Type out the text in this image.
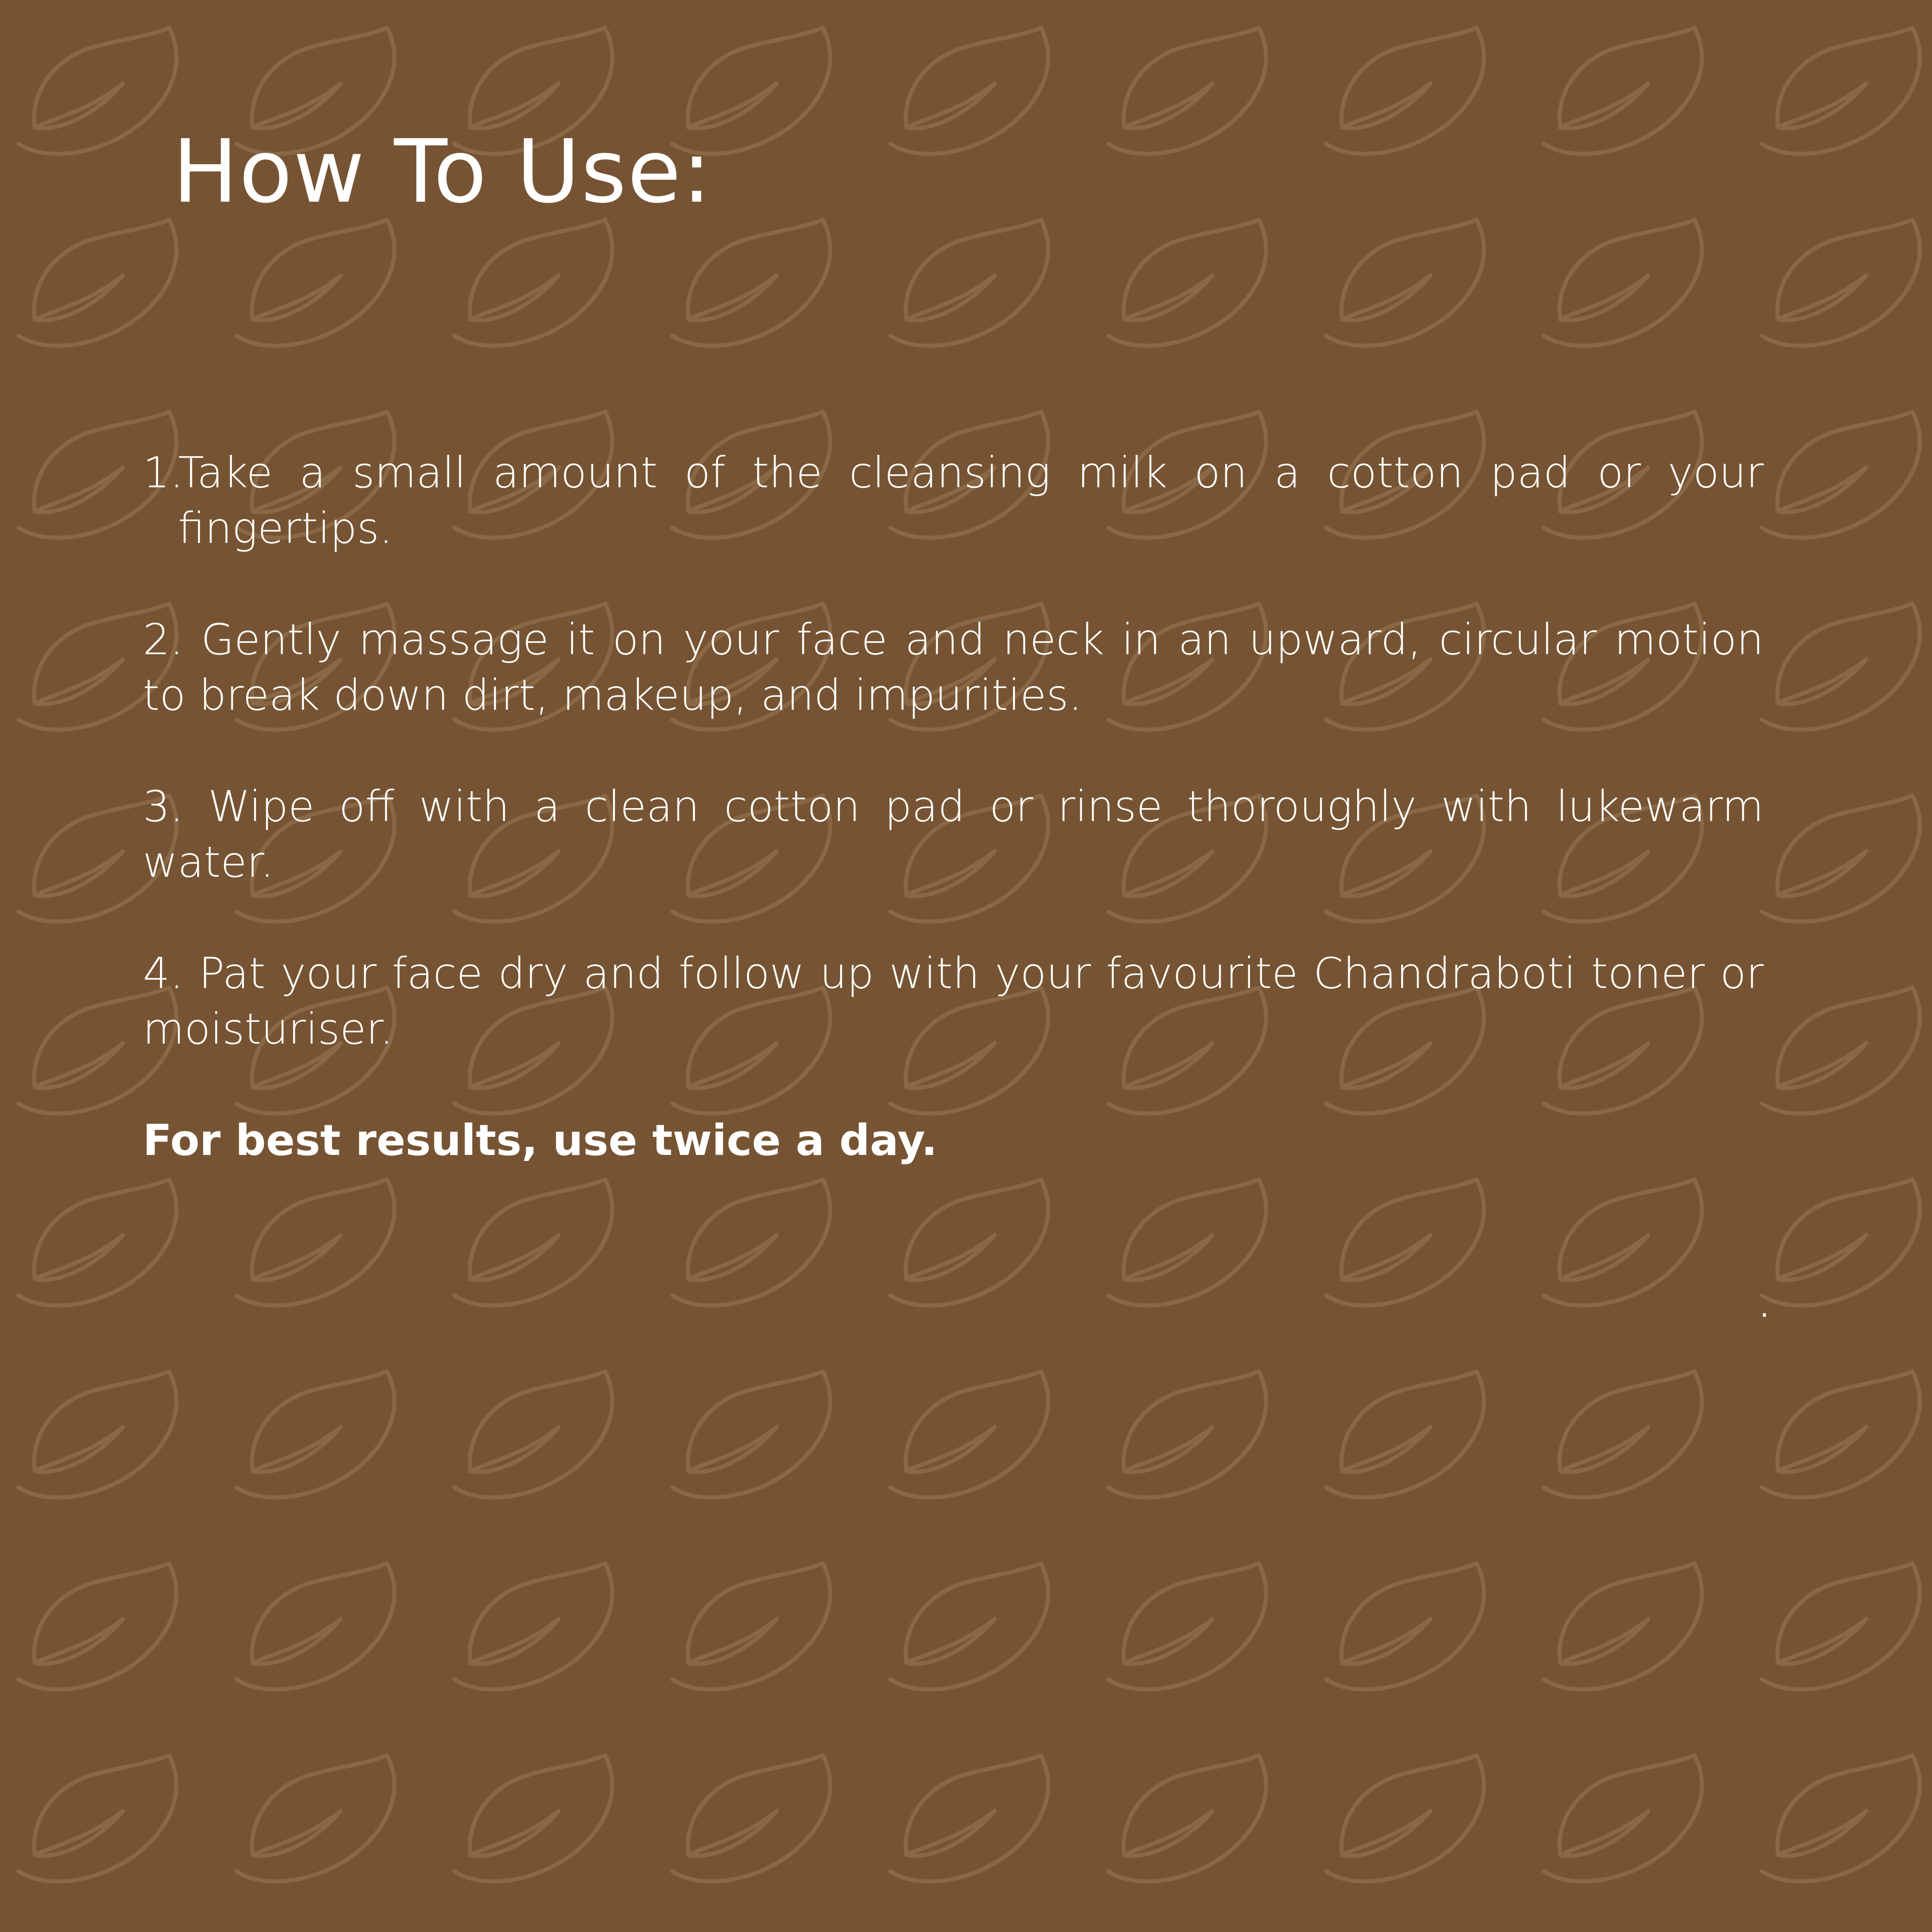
How To Use:
1.
Take a small amount of the cleansing milk on a cotton pad or your fingertips.
2. Gently massage it on your face and neck in an upward, circular motion to break down dirt, makeup, and impurities.
3. Wipe off with a clean cotton pad or rinse thoroughly with lukewarm water.
4. Pat your face dry and follow up with your favourite Chandraboti toner or moisturiser.

For best results, use twice a day.

.
